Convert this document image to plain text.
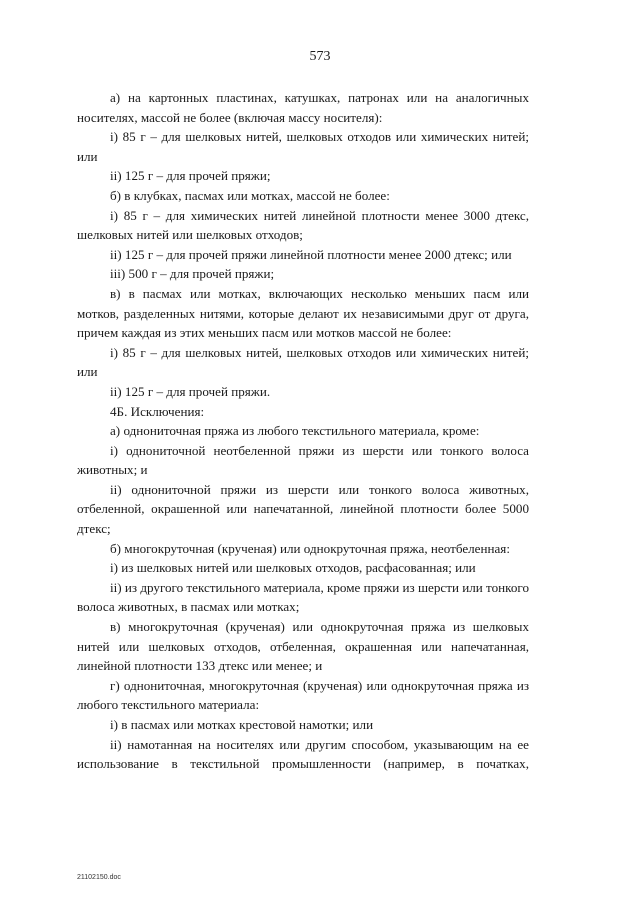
573

а) на картонных пластинах, катушках, патронах или на аналогичных носителях, массой не более (включая массу носителя):

i) 85 г – для шелковых нитей, шелковых отходов или химических нитей; или

ii) 125 г – для прочей пряжи;

б) в клубках, пасмах или мотках, массой не более:

i) 85 г – для химических нитей линейной плотности менее 3000 дтекс, шелковых нитей или шелковых отходов;

ii) 125 г – для прочей пряжи линейной плотности менее 2000 дтекс; или

iii) 500 г – для прочей пряжи;

в) в пасмах или мотках, включающих несколько меньших пасм или мотков, разделенных нитями, которые делают их независимыми друг от друга, причем каждая из этих меньших пасм или мотков массой не более:

i) 85 г – для шелковых нитей, шелковых отходов или химических нитей; или

ii) 125 г – для прочей пряжи.

4Б. Исключения:

а) однониточная пряжа из любого текстильного материала, кроме:

i) однониточной неотбеленной пряжи из шерсти или тонкого волоса животных; и

ii) однониточной пряжи из шерсти или тонкого волоса животных, отбеленной, окрашенной или напечатанной, линейной плотности более 5000 дтекс;

б) многокруточная (крученая) или однокруточная пряжа, неотбеленная:

i) из шелковых нитей или шелковых отходов, расфасованная; или

ii) из другого текстильного материала, кроме пряжи из шерсти или тонкого волоса животных, в пасмах или мотках;

в) многокруточная (крученая) или однокруточная пряжа из шелковых нитей или шелковых отходов, отбеленная, окрашенная или напечатанная, линейной плотности 133 дтекс или менее; и

г) однониточная, многокруточная (крученая) или однокруточная пряжа из любого текстильного материала:

i) в пасмах или мотках крестовой намотки; или

ii) намотанная на носителях или другим способом, указывающим на ее использование в текстильной промышленности (например, в початках,

21102150.doc
